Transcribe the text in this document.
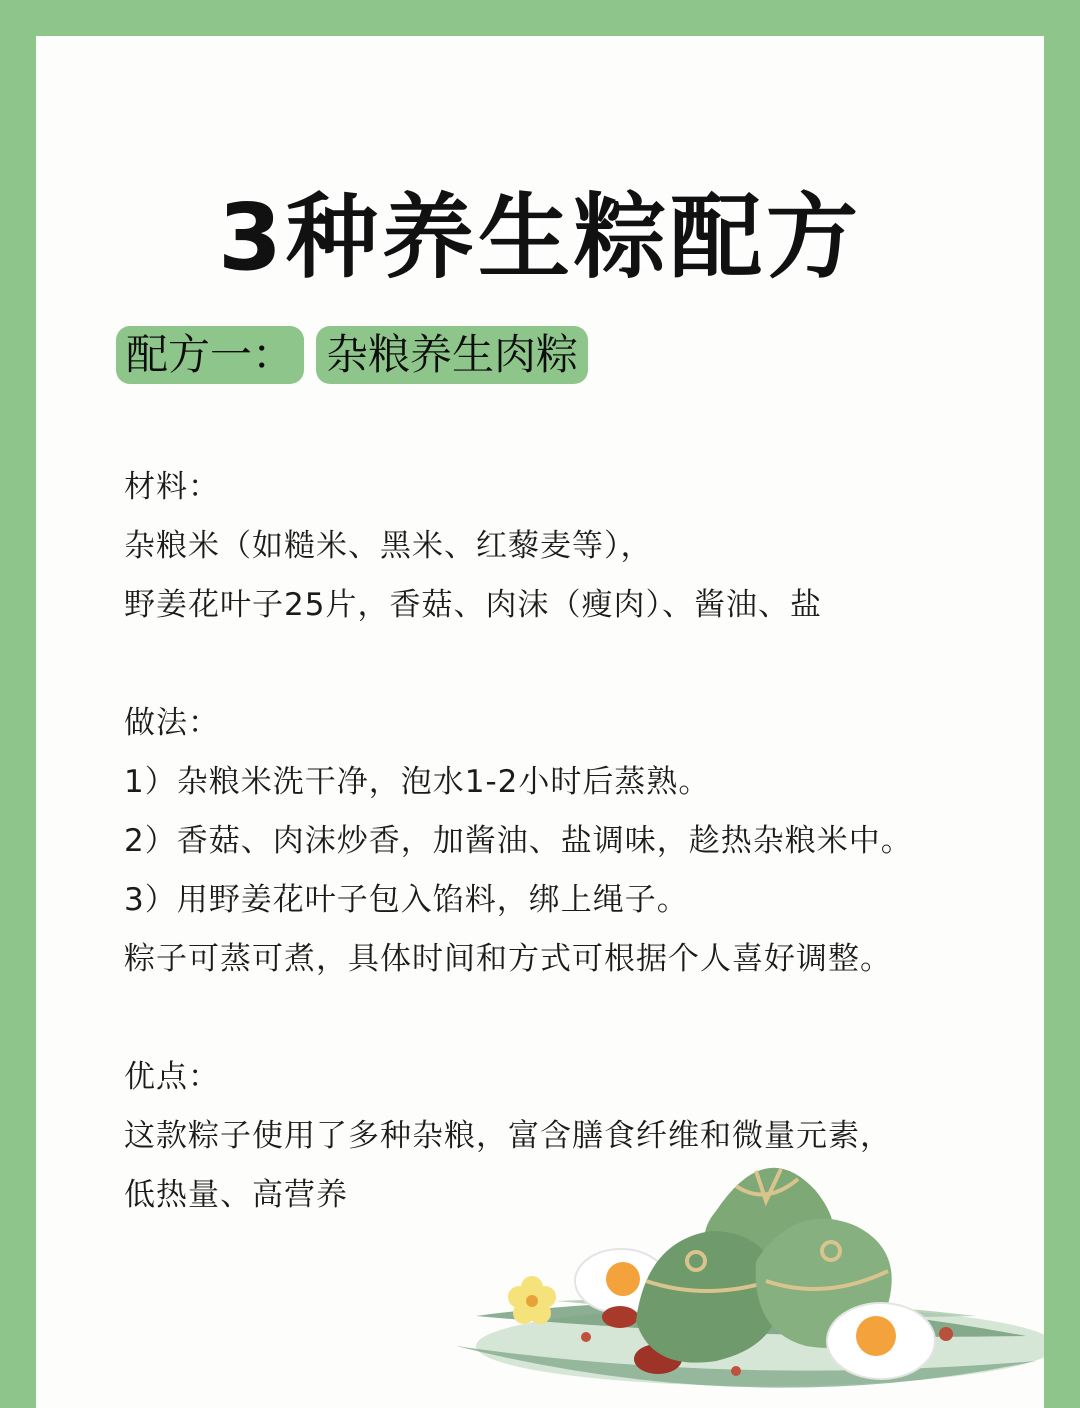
3种养生粽配方
配方一： 杂粮养生肉粽
材料：
杂粮米（如糙米、黑米、红藜麦等），
野姜花叶子25片，香菇、肉沫（瘦肉）、酱油、盐
做法：
1）杂粮米洗干净，泡水1-2小时后蒸熟。
2）香菇、肉沫炒香，加酱油、盐调味，趁热杂粮米中。
3）用野姜花叶子包入馅料，绑上绳子。
粽子可蒸可煮，具体时间和方式可根据个人喜好调整。
优点：
这款粽子使用了多种杂粮，富含膳食纤维和微量元素，
低热量、高营养
